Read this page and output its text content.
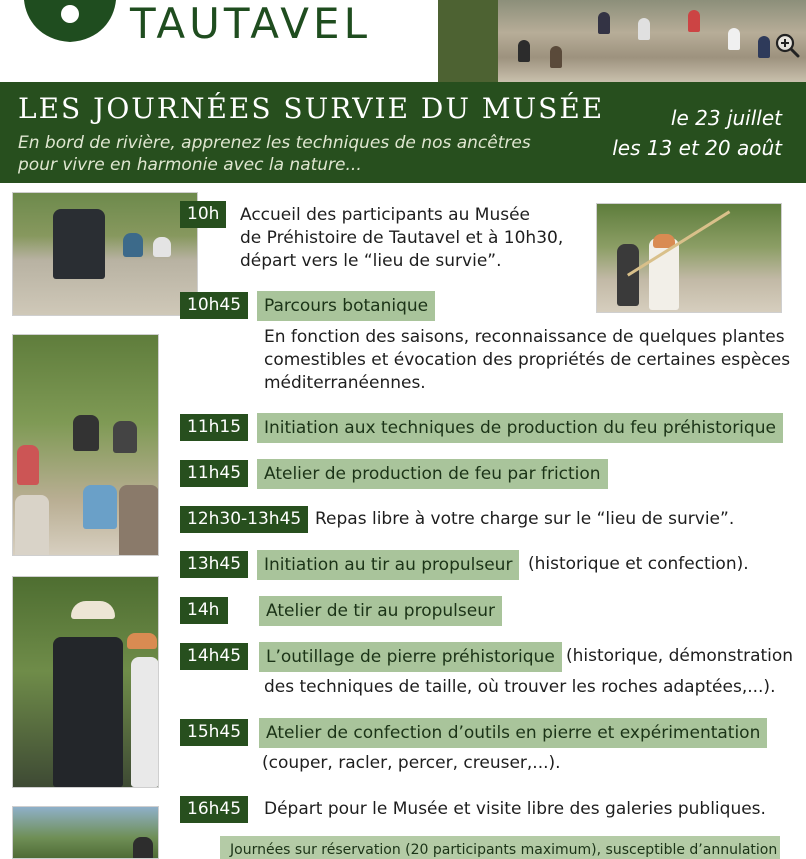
TAUTAVEL
LES JOURNÉES SURVIE DU MUSÉE
En bord de rivière, apprenez les techniques de nos ancêtres pour vivre en harmonie avec la nature...
le 23 juillet
les 13 et 20 août
10h	Accueil des participants au Musée
de Préhistoire de Tautavel et à 10h30,
départ vers le “lieu de survie”.
10h45	Parcours botanique
En fonction des saisons, reconnaissance de quelques plantes
comestibles et évocation des propriétés de certaines espèces
méditerranéennes.
11h15	Initiation aux techniques de production du feu préhistorique
11h45	Atelier de production de feu par friction
12h30-13h45 Repas libre à votre charge sur le “lieu de survie”.
13h45	Initiation au tir au propulseur (historique et confection).
14h	Atelier de tir au propulseur
14h45	L’outillage de pierre préhistorique (historique, démonstration
des techniques de taille, où trouver les roches adaptées,...).
15h45	Atelier de confection d’outils en pierre et expérimentation
(couper, racler, percer, creuser,...).
16h45	Départ pour le Musée et visite libre des galeries publiques.
Journées sur réservation (20 participants maximum), susceptible d’annulation
